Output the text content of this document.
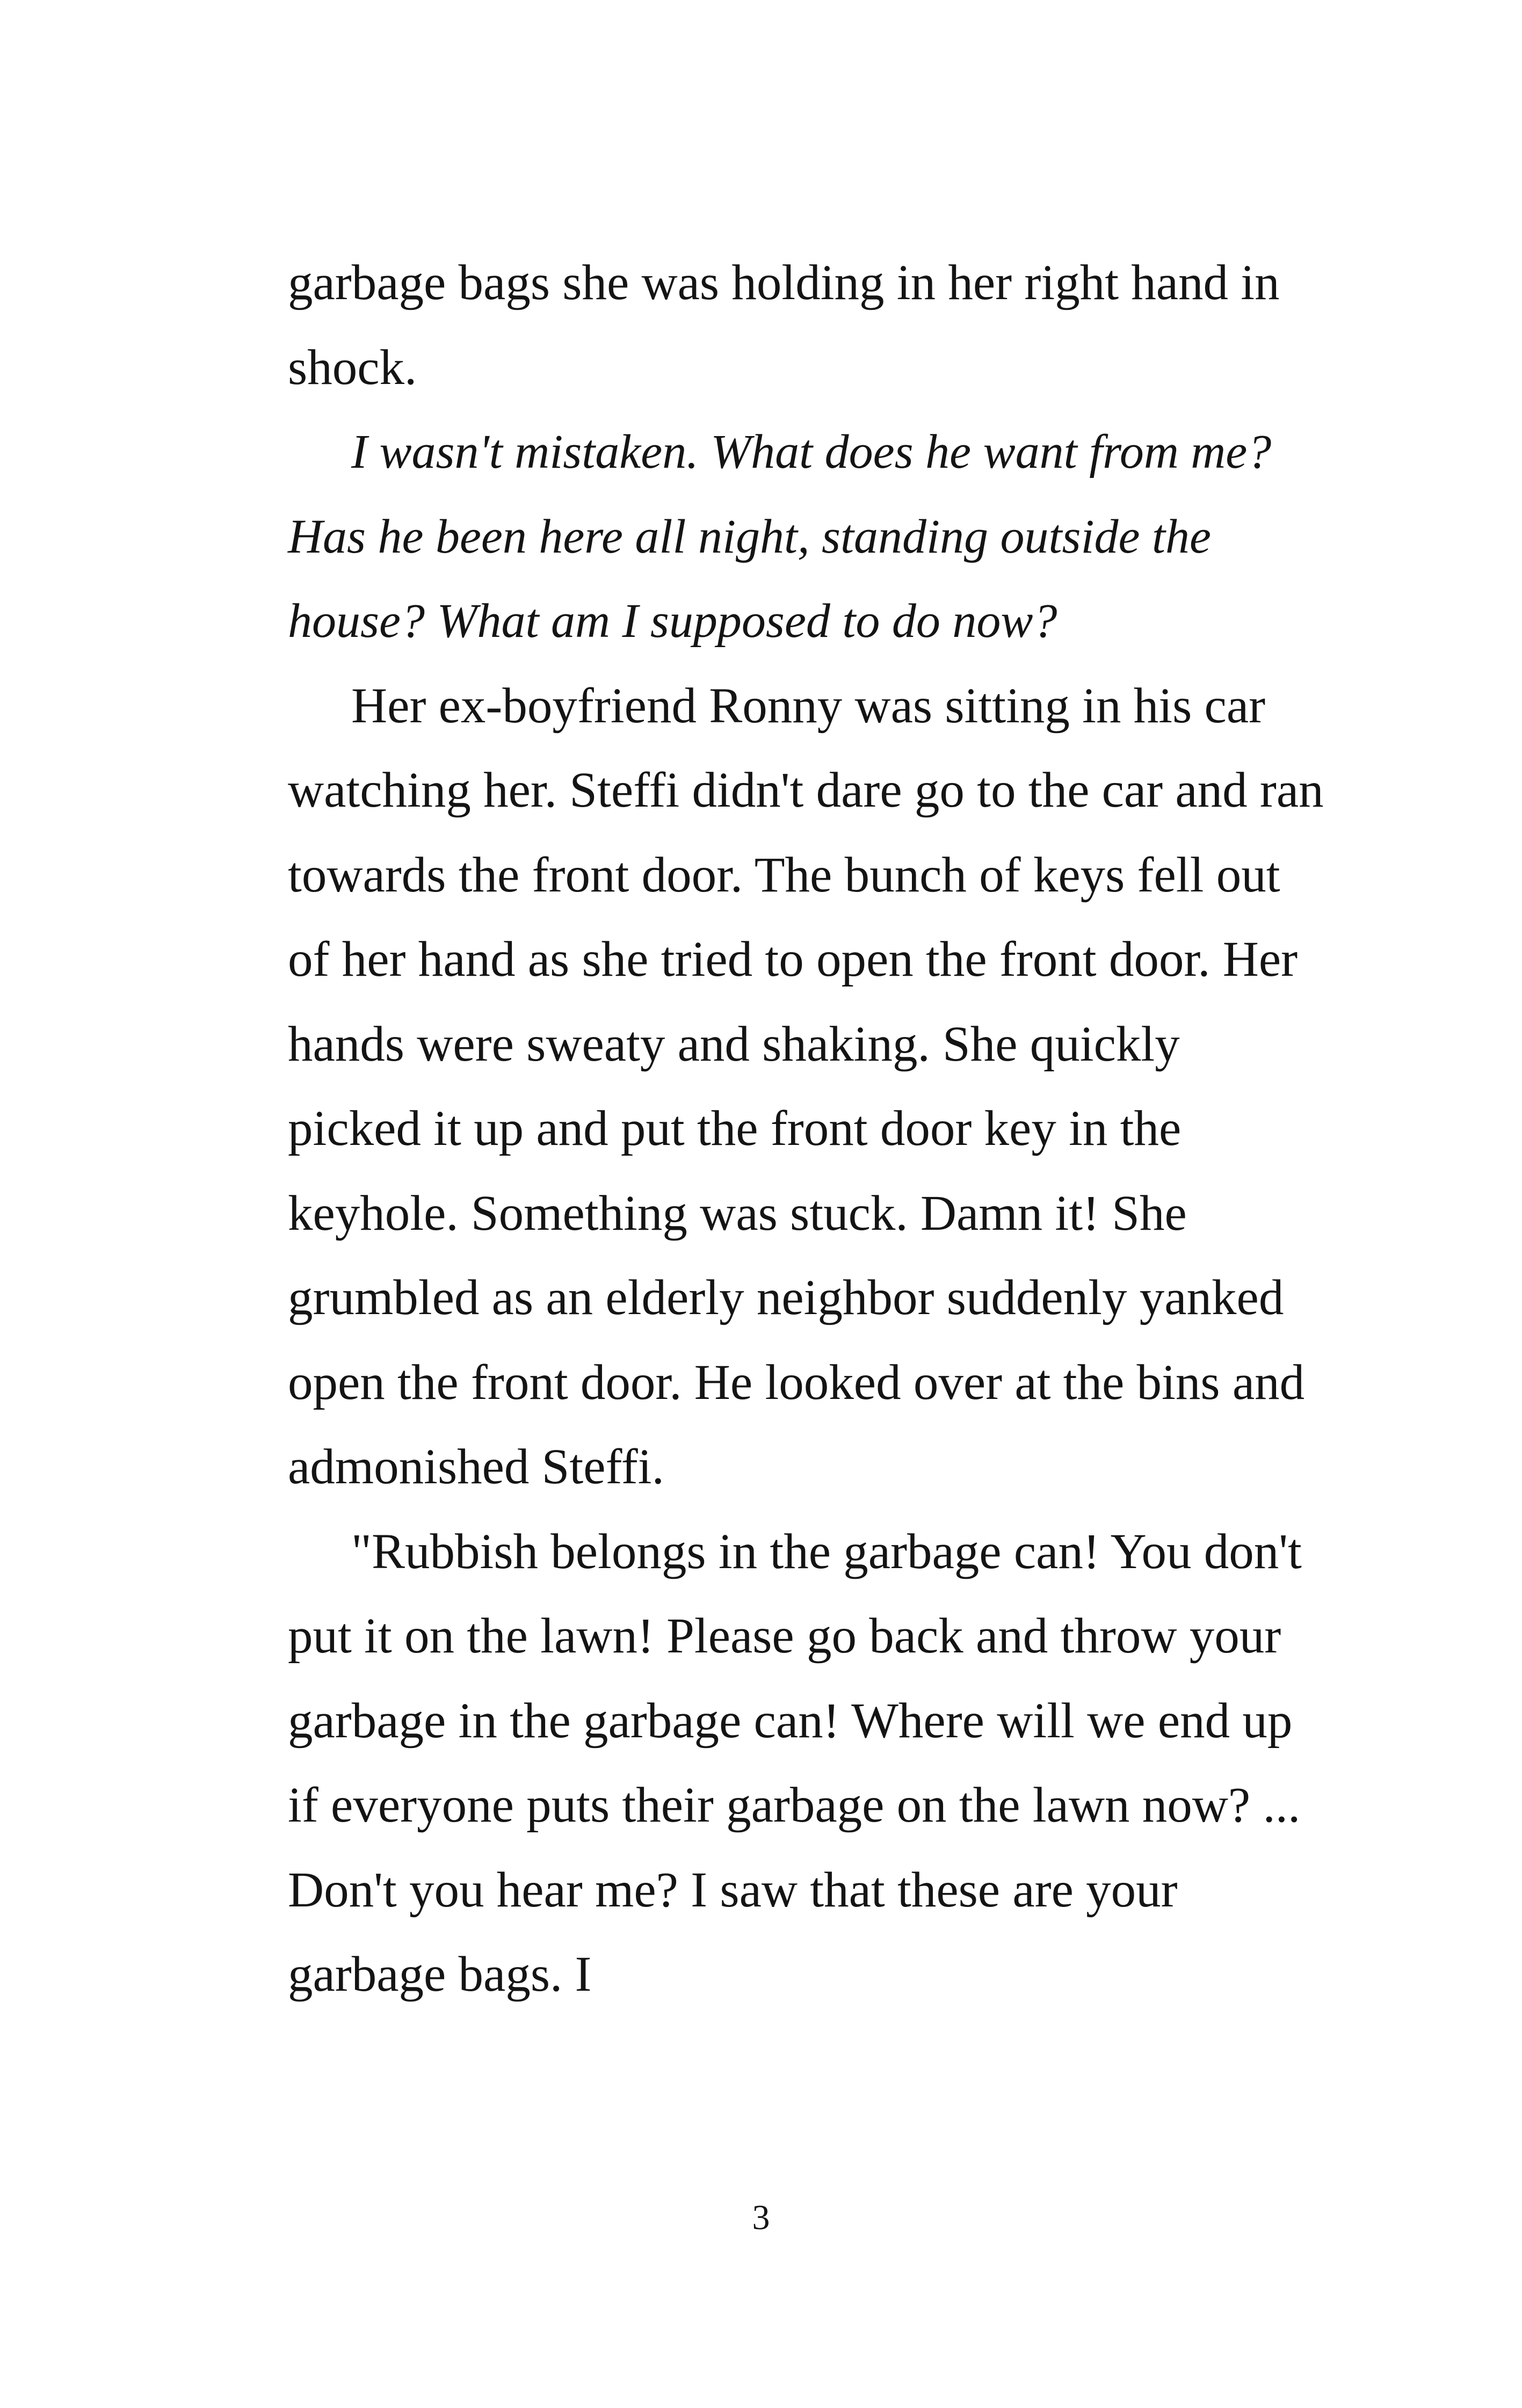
garbage bags she was holding in her right hand in shock.

I wasn't mistaken. What does he want from me? Has he been here all night, standing outside the house? What am I supposed to do now?

Her ex-boyfriend Ronny was sitting in his car watching her. Steffi didn't dare go to the car and ran towards the front door. The bunch of keys fell out of her hand as she tried to open the front door. Her hands were sweaty and shaking. She quickly picked it up and put the front door key in the keyhole. Something was stuck. Damn it! She grumbled as an elderly neighbor suddenly yanked open the front door. He looked over at the bins and admonished Steffi.

"Rubbish belongs in the garbage can! You don't put it on the lawn! Please go back and throw your garbage in the garbage can! Where will we end up if everyone puts their garbage on the lawn now? ... Don't you hear me? I saw that these are your garbage bags. I

3
